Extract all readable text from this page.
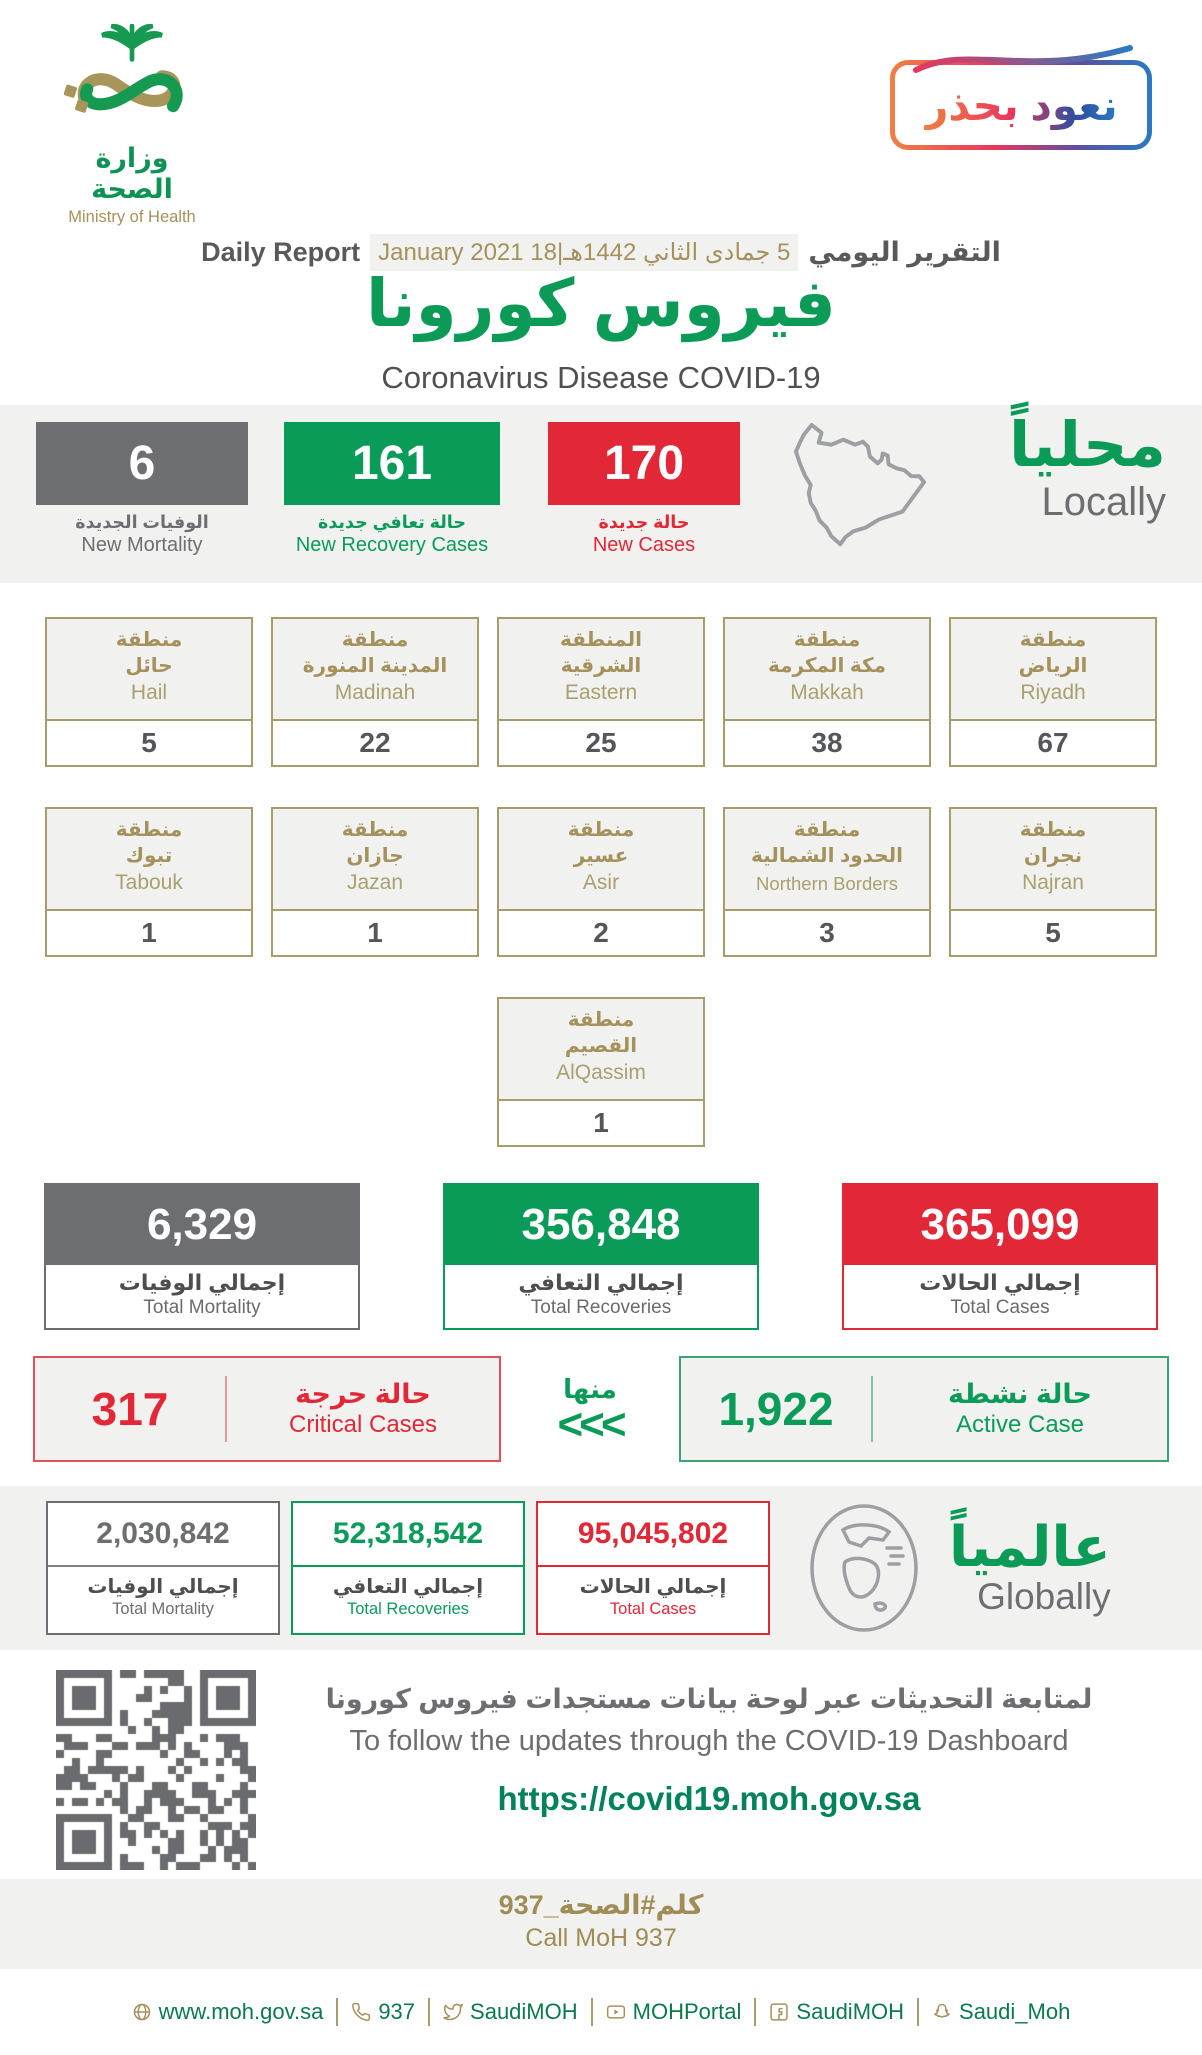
وزارة الصحة
Ministry of Health
نعود بحذر
Daily Report 5 جمادى الثاني 1442هـ|18 January 2021 التقرير اليومي
فيروس كورونا
Coronavirus Disease COVID-19
6
الوفيات الجديدة
New Mortality
161
حالة تعافي جديدة
New Recovery Cases
170
حالة جديدة
New Cases
محلياً
Locally
منطقة
حائل
Hail
5
منطقة
المدينة المنورة
Madinah
22
المنطقة
الشرقية
Eastern
25
منطقة
مكة المكرمة
Makkah
38
منطقة
الرياض
Riyadh
67
منطقة
تبوك
Tabouk
1
منطقة
جازان
Jazan
1
منطقة
عسير
Asir
2
منطقة
الحدود الشمالية
Northern Borders
3
منطقة
نجران
Najran
5
منطقة
القصيم
AlQassim
1
6,329
إجمالي الوفيات
Total Mortality
356,848
إجمالي التعافي
Total Recoveries
365,099
إجمالي الحالات
Total Cases
317	حالة حرجة
Critical Cases
منها
<<<	1,922	حالة نشطة
Active Case
2,030,842
إجمالي الوفيات
Total Mortality
52,318,542
إجمالي التعافي
Total Recoveries
95,045,802
إجمالي الحالات
Total Cases
عالمياً
Globally
لمتابعة التحديثات عبر لوحة بيانات مستجدات فيروس كورونا
To follow the updates through the COVID-19 Dashboard
https://covid19.moh.gov.sa
كلم#الصحة_937
Call MoH 937
www.moh.gov.sa	937	SaudiMOH	MOHPortal	SaudiMOH	Saudi_Moh
